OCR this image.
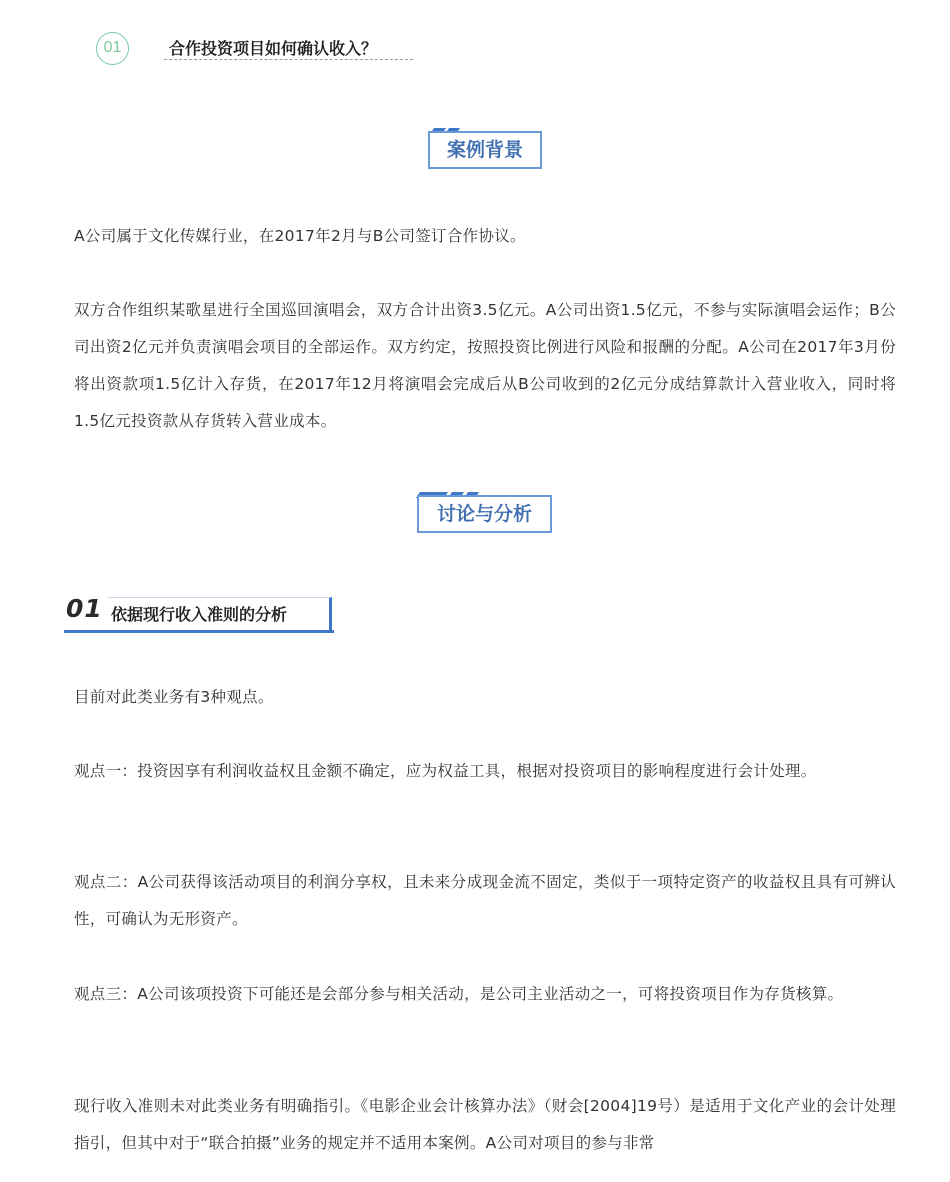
01	合作投资项目如何确认收入？
案例背景

A公司属于文化传媒行业，在2017年2月与B公司签订合作协议。

双方合作组织某歌星进行全国巡回演唱会，双方合计出资3.5亿元。A公司出资1.5亿元，不参与实际演唱会运作；B公司出资2亿元并负责演唱会项目的全部运作。双方约定，按照投资比例进行风险和报酬的分配。A公司在2017年3月份将出资款项1.5亿计入存货，在2017年12月将演唱会完成后从B公司收到的2亿元分成结算款计入营业收入，同时将1.5亿元投资款从存货转入营业成本。

讨论与分析
01 依据现行收入准则的分析

目前对此类业务有3种观点。

观点一：投资因享有利润收益权且金额不确定，应为权益工具，根据对投资项目的影响程度进行会计处理。

观点二：A公司获得该活动项目的利润分享权，且未来分成现金流不固定，类似于一项特定资产的收益权且具有可辨认性，可确认为无形资产。

观点三：A公司该项投资下可能还是会部分参与相关活动，是公司主业活动之一，可将投资项目作为存货核算。

现行收入准则未对此类业务有明确指引。《电影企业会计核算办法》（财会[2004]19号）是适用于文化产业的会计处理指引，但其中对于“联合拍摄”业务的规定并不适用本案例。A公司对项目的参与非常
